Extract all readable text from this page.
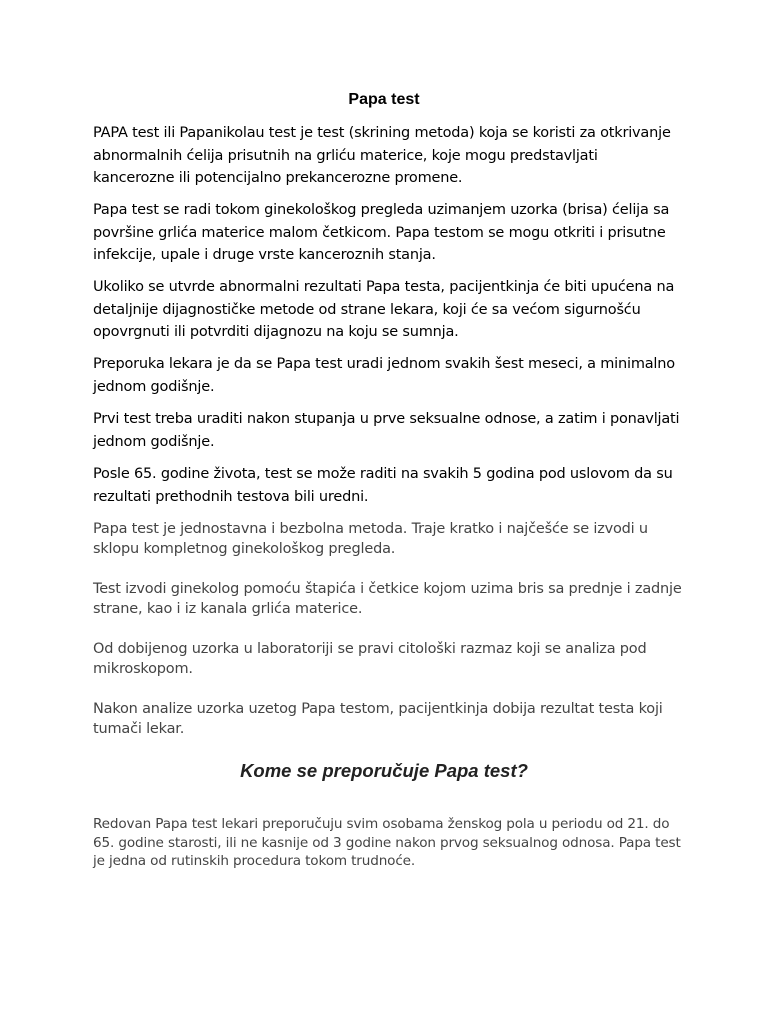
Papa test

PAPA test ili Papanikolau test je test (skrining metoda) koja se koristi za otkrivanje abnormalnih ćelija prisutnih na grliću materice, koje mogu predstavljati kancerozne ili potencijalno prekancerozne promene.

Papa test se radi tokom ginekološkog pregleda uzimanjem uzorka (brisa) ćelija sa površine grlića materice malom četkicom. Papa testom se mogu otkriti i prisutne infekcije, upale i druge vrste kanceroznih stanja.

Ukoliko se utvrde abnormalni rezultati Papa testa, pacijentkinja će biti upućena na detaljnije dijagnostičke metode od strane lekara, koji će sa većom sigurnošću opovrgnuti ili potvrditi dijagnozu na koju se sumnja.

Preporuka lekara je da se Papa test uradi jednom svakih šest meseci, a minimalno jednom godišnje.

Prvi test treba uraditi nakon stupanja u prve seksualne odnose, a zatim i ponavljati jednom godišnje.

Posle 65. godine života, test se može raditi na svakih 5 godina pod uslovom da su rezultati prethodnih testova bili uredni.

Papa test je jednostavna i bezbolna metoda. Traje kratko i najčešće se izvodi u sklopu kompletnog ginekološkog pregleda.

Test izvodi ginekolog pomoću štapića i četkice kojom uzima bris sa prednje i zadnje strane, kao i iz kanala grlića materice.

Od dobijenog uzorka u laboratoriji se pravi citološki razmaz koji se analiza pod mikroskopom.

Nakon analize uzorka uzetog Papa testom, pacijentkinja dobija rezultat testa koji tumači lekar.

Kome se preporučuje Papa test?

Redovan Papa test lekari preporučuju svim osobama ženskog pola u periodu od 21. do 65. godine starosti, ili ne kasnije od 3 godine nakon prvog seksualnog odnosa. Papa test je jedna od rutinskih procedura tokom trudnoće.
